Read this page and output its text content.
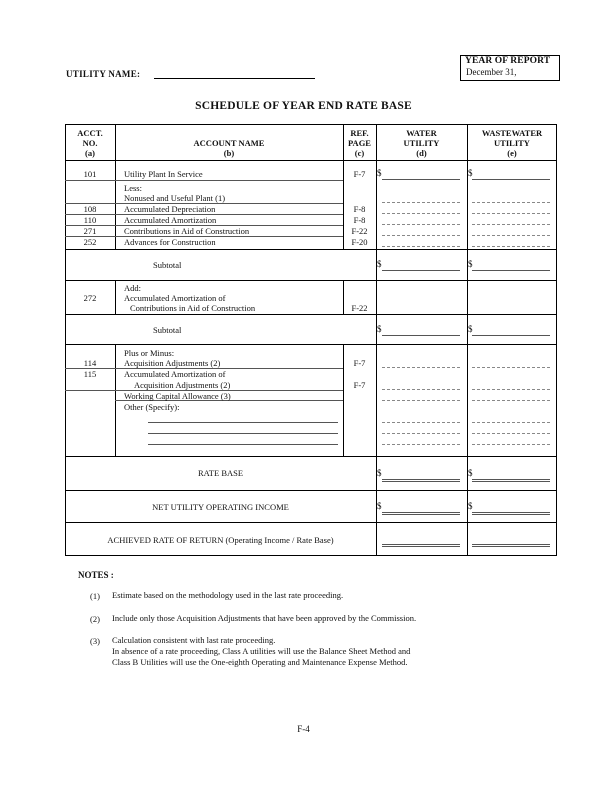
YEAR OF REPORT
December 31,
UTILITY NAME:
SCHEDULE OF YEAR END RATE BASE
ACCT.
NO.
(a)
ACCOUNT NAME
(b)
REF.
PAGE
(c)
WATER
UTILITY
(d)
WASTEWATER
UTILITY
(e)
101	Utility Plant In Service	F-7	$	$
Less:
Nonused and Useful Plant (1)
108	Accumulated Depreciation	F-8
110	Accumulated Amortization	F-8
271	Contributions in Aid of Construction	F-22
252	Advances for Construction	F-20
Subtotal	$	$
Add:
272	Accumulated Amortization of
Contributions in Aid of Construction	F-22
Subtotal	$	$
Plus or Minus:
114	Acquisition Adjustments (2)	F-7
115	Accumulated Amortization of
Acquisition Adjustments (2)	F-7
Working Capital Allowance (3)
Other (Specify):
RATE BASE	$	$
NET UTILITY OPERATING INCOME	$	$
ACHIEVED RATE OF RETURN (Operating Income / Rate Base)
NOTES :
(1) Estimate based on the methodology used in the last rate proceeding.
(2) Include only those Acquisition Adjustments that have been approved by the Commission.
(3) Calculation consistent with last rate proceeding.
In absence of a rate proceeding, Class A utilities will use the Balance Sheet Method and
Class B Utilities will use the One-eighth Operating and Maintenance Expense Method.
F-4
